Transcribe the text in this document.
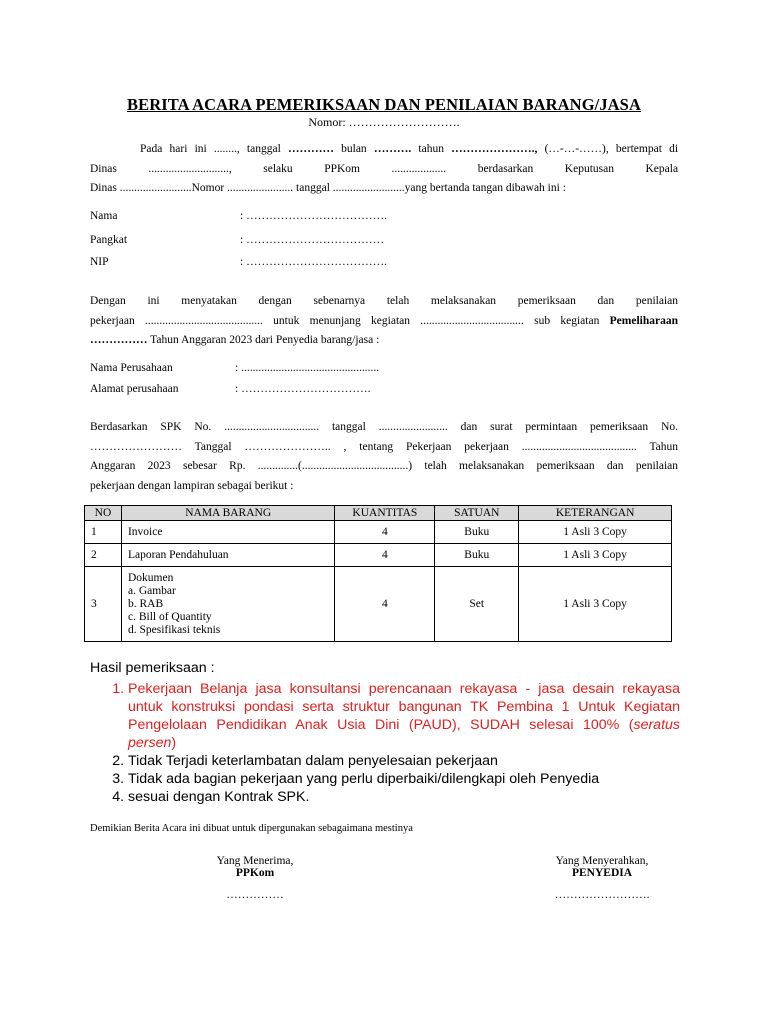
BERITA ACARA PEMERIKSAAN DAN PENILAIAN BARANG/JASA
Nomor: ……………………….
Pada hari ini ........, tanggal ………… bulan ………. tahun …………………., (…-…-……), bertempat di
Dinas	............................,	selaku	PPKom	...................	berdasarkan	Keputusan	Kepala
Dinas .........................Nomor ....................... tanggal .........................yang bertanda tangan dibawah ini :
Nama	: ……………………………….
Pangkat	: ………………………………
NIP	: ……………………………….
Dengan ini menyatakan dengan sebenarnya telah melaksanakan pemeriksaan dan penilaian
pekerjaan ......................................... untuk menunjang kegiatan .................................... sub kegiatan Pemeliharaan
…………… Tahun Anggaran 2023 dari Penyedia barang/jasa :
Nama Perusahaan	: ................................................
Alamat perusahaan	: …………………………….
Berdasarkan SPK No. ................................. tanggal ........................ dan surat permintaan pemeriksaan No.
…………………… Tanggal ………………….. , tentang Pekerjaan pekerjaan ........................................ Tahun
Anggaran 2023 sebesar Rp. ..............(.....................................) telah melaksanakan pemeriksaan dan penilaian
pekerjaan dengan lampiran sebagai berikut :
NO	NAMA BARANG	KUANTITAS	SATUAN	KETERANGAN
1	Invoice	4	Buku	1 Asli 3 Copy
2	Laporan Pendahuluan	4	Buku	1 Asli 3 Copy
3	Dokumen
a. Gambar
b. RAB
c. Bill of Quantity
d. Spesifikasi teknis	4	Set	1 Asli 3 Copy
Hasil pemeriksaan :
1. Pekerjaan Belanja jasa konsultansi perencanaan rekayasa - jasa desain rekayasa untuk konstruksi pondasi serta struktur bangunan TK Pembina 1 Untuk Kegiatan Pengelolaan Pendidikan Anak Usia Dini (PAUD), SUDAH selesai 100% (seratus persen)
2. Tidak Terjadi keterlambatan dalam penyelesaian pekerjaan
3. Tidak ada bagian pekerjaan yang perlu diperbaiki/dilengkapi oleh Penyedia
4. sesuai dengan Kontrak SPK.
Demikian Berita Acara ini dibuat untuk dipergunakan sebagaimana mestinya
Yang Menerima,
PPKom
……………
Yang Menyerahkan,
PENYEDIA
…………………….
